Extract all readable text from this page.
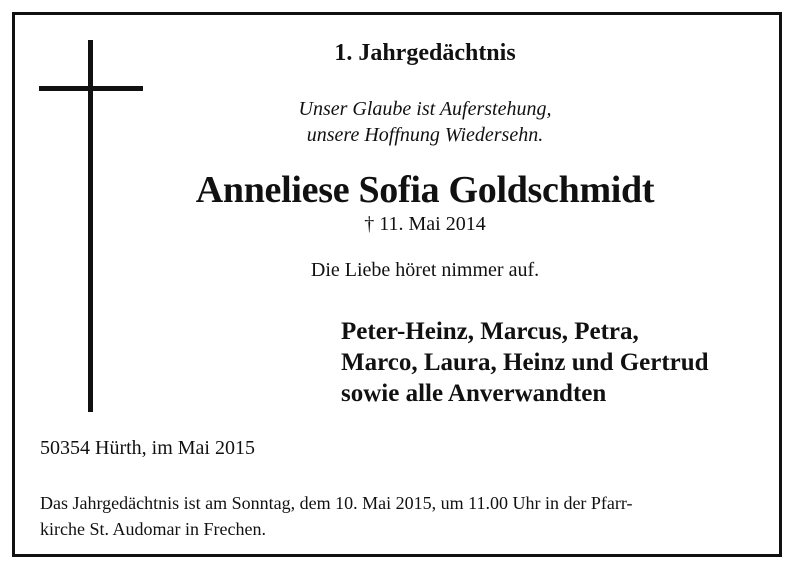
1. Jahrgedächtnis
Unser Glaube ist Auferstehung,
unsere Hoffnung Wiedersehn.
Anneliese Sofia Goldschmidt
† 11. Mai 2014
Die Liebe höret nimmer auf.
Peter-Heinz, Marcus, Petra,
Marco, Laura, Heinz und Gertrud
sowie alle Anverwandten
50354 Hürth, im Mai 2015
Das Jahrgedächtnis ist am Sonntag, dem 10. Mai 2015, um 11.00 Uhr in der Pfarr-
kirche St. Audomar in Frechen.
